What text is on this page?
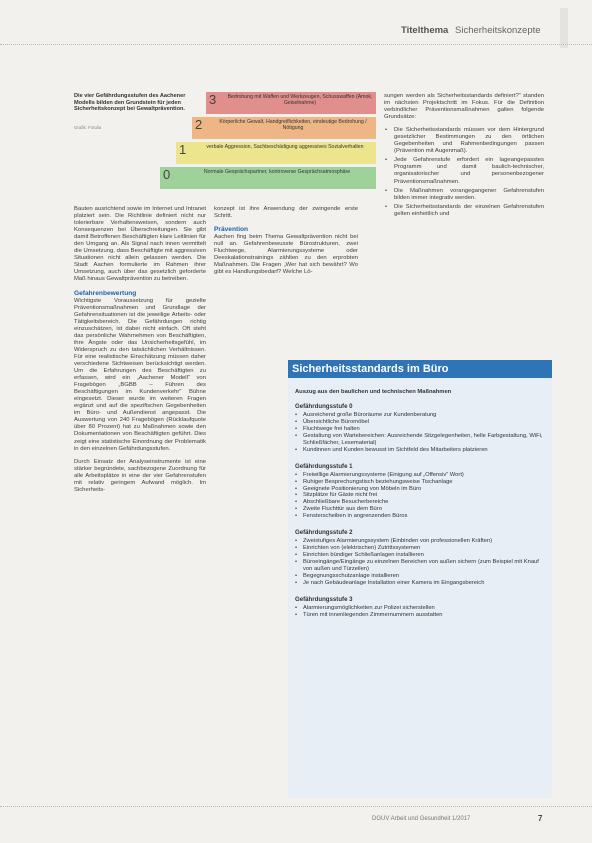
Titelthema Sicherheitskonzepte
Die vier Gefährdungsstufen des Aachener Modells bilden den Grundstein für jeden Sicherheitskonzept bei Gewaltprävention.
Grafik: Fotolia
3	Bedrohung mit Waffen und Werkzeugen, Schusswaffen (Amok, Geiselnahme)
2	Körperliche Gewalt, Handgreiflichkeiten, eindeutige Bedrohung / Nötigung
1	verbale Aggression, Sachbeschädigung aggressives Sozialverhalten
0	Normale Gesprächspartner, kontroverse Gesprächsatmosphäre

Bauten ausrichtend sowie im Internet und Intranet platziert sein. Die Richtlinie definiert nicht nur tolerierbare Verhaltensweisen, sondern auch Konsequenzen bei Überschreitungen. Sie gibt damit Betroffenen Beschäftigten klare Leitlinien für den Umgang an. Als Signal nach innen vermittelt die Umsetzung, dass Beschäftigte mit aggressiven Situationen nicht allein gelassen werden. Die Stadt Aachen formulierte im Rahmen ihrer Umsetzung, auch über das gesetzlich geforderte Maß hinaus Gewaltprävention zu betreiben.

Gefahrenbewertung

Wichtigste Voraussetzung für gezielte Präventionsmaßnahmen und Grundlage der Gefahrensituationen ist die jeweilige Arbeits- oder Tätigkeitsbereich. Die Gefährdungen richtig einzuschätzen, ist dabei nicht einfach. Oft steht das persönliche Wahrnehmen von Beschäftigten, ihre Ängste oder das Unsicherheitsgefühl, im Widerspruch zu den tatsächlichen Verhältnissen. Für eine realistische Einschätzung müssen daher verschiedene Sichtweisen berücksichtigt werden. Um die Erfahrungen des Beschäftigten zu erfassen, wird ein „Aachener Modell“ von Fragebögen „BGBB – Führen des Beschäftigungen im Kundenverkehr“ Bühne eingesetzt. Dieser wurde im weiteren Fragen ergänzt und auf die spezifischen Gegebenheiten im Büro- und Außendienst angepasst. Die Auswertung von 240 Fragebögen (Rücklaufquote über 80 Prozent) hat zu Maßnahmen sowie den Dokumentationen von Beschäftigten geführt. Dies zeigt eine statistische Einordnung der Problematik in den einzelnen Gefährdungsstufen.

Durch Einsatz der Analyseinstrumente ist eine stärker begründete, sachbezogene Zuordnung für alle Arbeitsplätze in eine der vier Gefahrenstufen mit relativ geringem Aufwand möglich. Im Sicherheits-

konzept ist ihre Anwendung der zwingende erste Schritt.

Prävention

Aachen fing beim Thema Gewaltprävention nicht bei null an. Gefahrenbewusste Bürostrukturen, zwei Fluchtwege, Alarmierungssysteme oder Deeskalationstrainings zählten zu den erprobten Maßnahmen. Die Fragen „Wer hat sich bewährt? Wo gibt es Handlungsbedarf? Welche Lö-

sungen werden als Sicherheitsstandards definiert?“ standen im nächsten Projektschritt im Fokus. Für die Definition verbindlicher Präventionsmaßnahmen galten folgende Grundsätze:

• Die Sicherheitsstandards müssen vor dem Hintergrund gesetzlicher Bestimmungen zu den örtlichen Gegebenheiten und Rahmenbedingungen passen (Prävention mit Augenmaß).
• Jede Gefahrenstufe erfordert ein lageangepasstes Programm und damit baulich-technischer, organisatorischer und personenbezogener Präventionsmaßnahmen.
• Die Maßnahmen vorangegangener Gefahrenstufen bilden immer integrativ werden.
• Die Sicherheitsstandards der einzelnen Gefahrenstufen gelten einheitlich und
Sicherheitsstandards im Büro
Auszug aus den baulichen und technischen Maßnahmen
Gefährdungsstufe 0
• Ausreichend große Büroräume zur Kundenberatung
• Übersichtliche Büromöbel
• Fluchtwege frei halten
• Gestaltung von Wartebereichen: Ausreichende Sitzgelegenheiten, helle Farbgestaltung, WiFi, Schließfächer, Lesematerial)
• Kundinnen und Kunden bewusst im Sichtfeld des Mitarbeiters platzieren
Gefährdungsstufe 1
• Freiwillige Alarmierungssysteme (Einigung auf „Offensiv“ Wort)
• Ruhiger Besprechungstisch beziehungsweise Tischanlage
• Geeignete Positionierung von Möbeln im Büro
• Sitzplätze für Gäste nicht frei
• Abschließbare Besucherbereiche
• Zweite Fluchttür aus dem Büro
• Fensterscheiben in angrenzenden Büros
Gefährdungsstufe 2
• Zweistufiges Alarmierungssystem (Einbinden von professionellen Kräften)
• Einrichten von (elektrischen) Zutrittssystemen
• Einrichten bündiger Schließanlagen installieren
• Büroeingänge/Eingänge zu einzelnen Bereichen von außen sichern (zum Beispiel mit Knauf von außen und Türzeilen)
• Begegnungsschutzanlage installieren
• Je nach Gebäudeanlage Installation einer Kamera im Eingangsbereich
Gefährdungsstufe 3
• Alarmierungsmöglichkeiten zur Polizei sicherstellen
• Türen mit innenliegenden Zimmernummern ausstatten
DGUV Arbeit und Gesundheit 1/2017	7
